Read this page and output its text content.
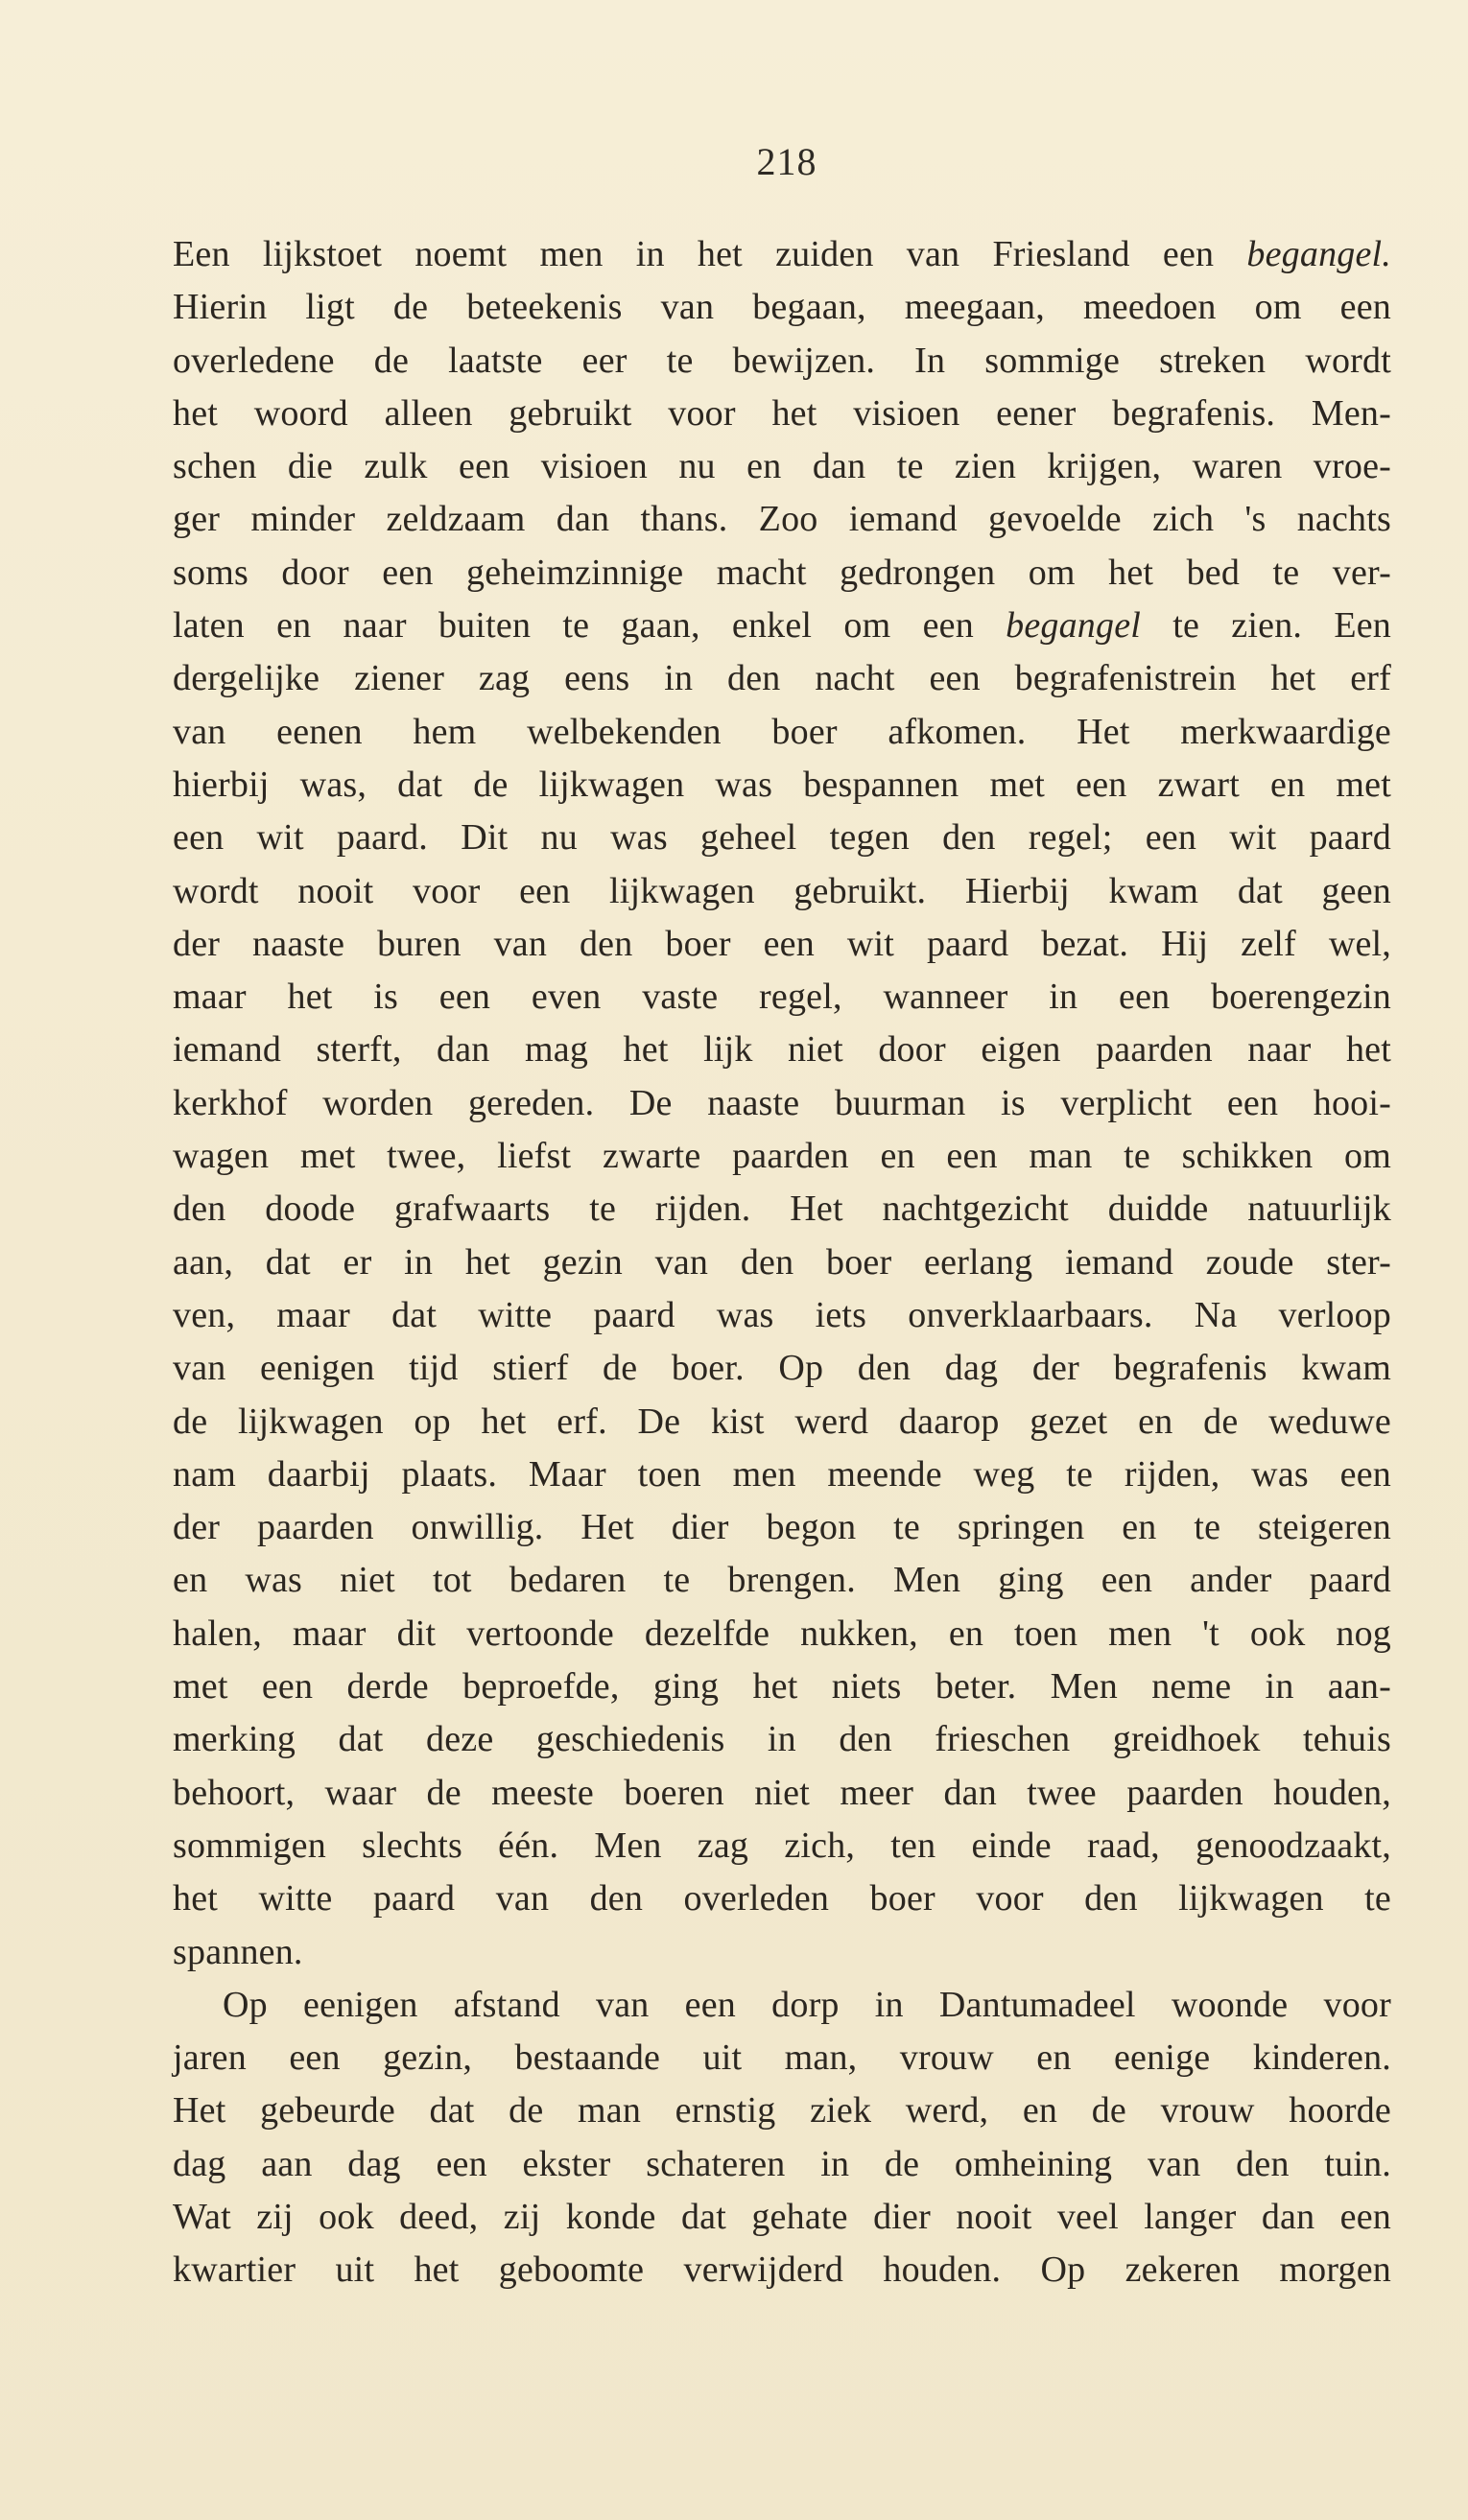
218
Een lijkstoet noemt men in het zuiden van Friesland een begangel.
Hierin ligt de beteekenis van begaan, meegaan, meedoen om een
overledene de laatste eer te bewijzen. In sommige streken wordt
het woord alleen gebruikt voor het visioen eener begrafenis. Men-
schen die zulk een visioen nu en dan te zien krijgen, waren vroe-
ger minder zeldzaam dan thans. Zoo iemand gevoelde zich 's nachts
soms door een geheimzinnige macht gedrongen om het bed te ver-
laten en naar buiten te gaan, enkel om een begangel te zien. Een
dergelijke ziener zag eens in den nacht een begrafenistrein het erf
van eenen hem welbekenden boer afkomen. Het merkwaardige
hierbij was, dat de lijkwagen was bespannen met een zwart en met
een wit paard. Dit nu was geheel tegen den regel; een wit paard
wordt nooit voor een lijkwagen gebruikt. Hierbij kwam dat geen
der naaste buren van den boer een wit paard bezat. Hij zelf wel,
maar het is een even vaste regel, wanneer in een boerengezin
iemand sterft, dan mag het lijk niet door eigen paarden naar het
kerkhof worden gereden. De naaste buurman is verplicht een hooi-
wagen met twee, liefst zwarte paarden en een man te schikken om
den doode grafwaarts te rijden. Het nachtgezicht duidde natuurlijk
aan, dat er in het gezin van den boer eerlang iemand zoude ster-
ven, maar dat witte paard was iets onverklaarbaars. Na verloop
van eenigen tijd stierf de boer. Op den dag der begrafenis kwam
de lijkwagen op het erf. De kist werd daarop gezet en de weduwe
nam daarbij plaats. Maar toen men meende weg te rijden, was een
der paarden onwillig. Het dier begon te springen en te steigeren
en was niet tot bedaren te brengen. Men ging een ander paard
halen, maar dit vertoonde dezelfde nukken, en toen men 't ook nog
met een derde beproefde, ging het niets beter. Men neme in aan-
merking dat deze geschiedenis in den frieschen greidhoek tehuis
behoort, waar de meeste boeren niet meer dan twee paarden houden,
sommigen slechts één. Men zag zich, ten einde raad, genoodzaakt,
het witte paard van den overleden boer voor den lijkwagen te
spannen.
Op eenigen afstand van een dorp in Dantumadeel woonde voor
jaren een gezin, bestaande uit man, vrouw en eenige kinderen.
Het gebeurde dat de man ernstig ziek werd, en de vrouw hoorde
dag aan dag een ekster schateren in de omheining van den tuin.
Wat zij ook deed, zij konde dat gehate dier nooit veel langer dan een
kwartier uit het geboomte verwijderd houden. Op zekeren morgen
